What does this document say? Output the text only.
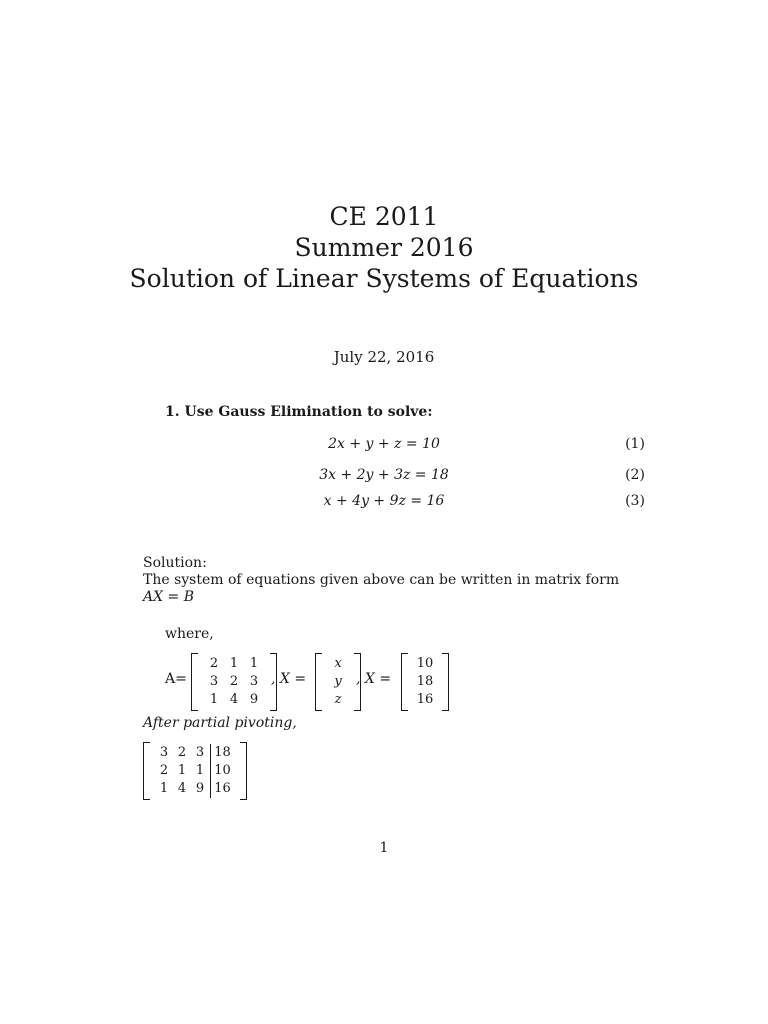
CE 2011
Summer 2016
Solution of Linear Systems of Equations
July 22, 2016
1. Use Gauss Elimination to solve:
2x + y + z = 10	(1)
3x + 2y + 3z = 18	(2)
x + 4y + 9z = 16	(3)
Solution:
The system of equations given above can be written in matrix form
AX = B
where,
A=
2 1 1
3 2 3
1 4 9
, X =
x
y
z
, X =
10
18
16
After partial pivoting,
3 2 3 18
2 1 1 10
1 4 9 16
1
